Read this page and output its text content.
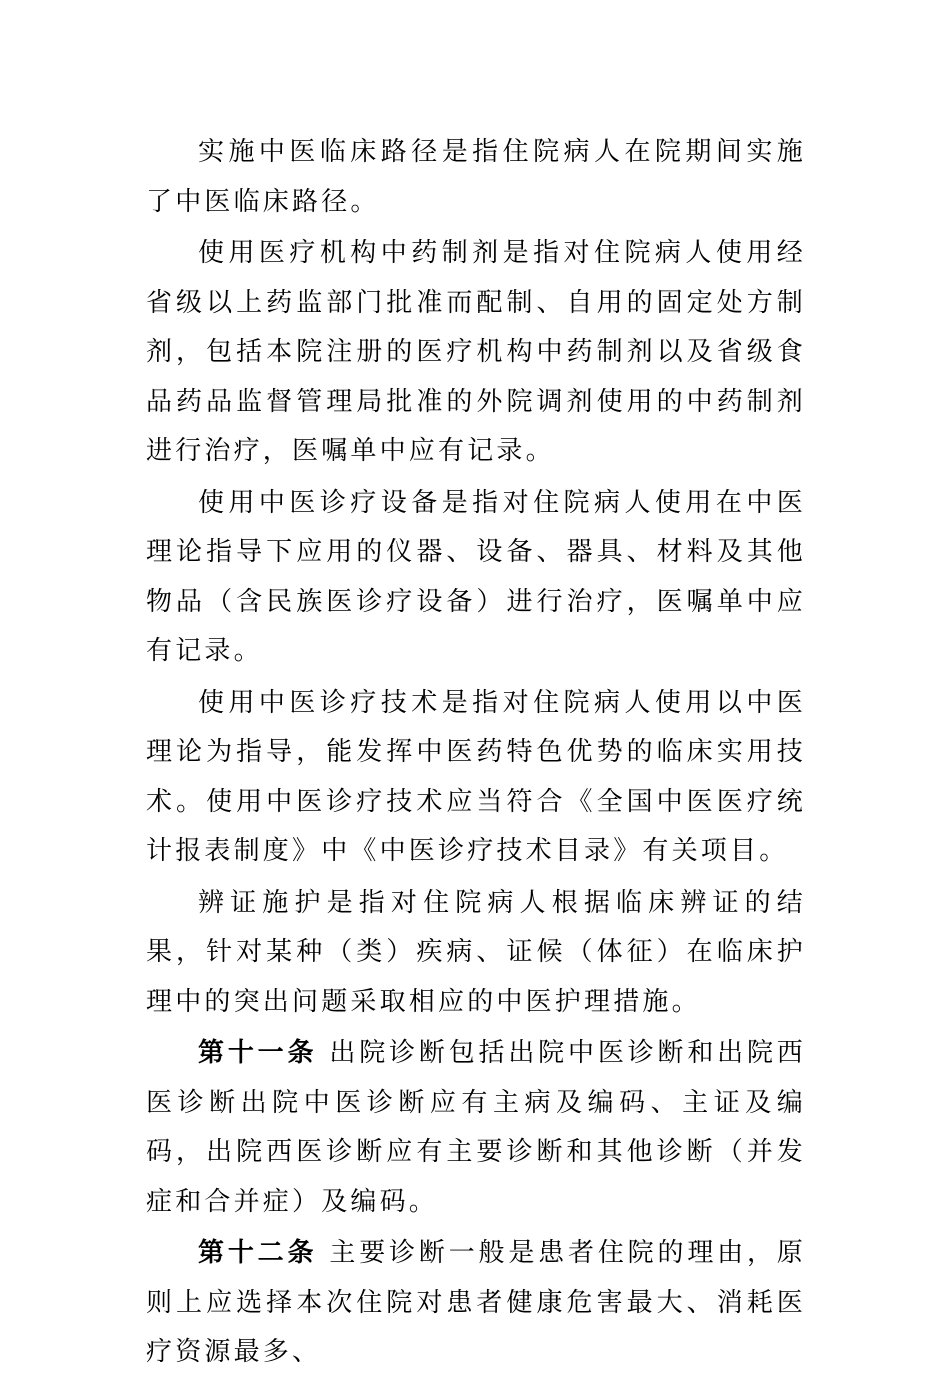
实施中医临床路径是指住院病人在院期间实施了中医临床路径。

使用医疗机构中药制剂是指对住院病人使用经省级以上药监部门批准而配制、自用的固定处方制剂，包括本院注册的医疗机构中药制剂以及省级食品药品监督管理局批准的外院调剂使用的中药制剂进行治疗，医嘱单中应有记录。

使用中医诊疗设备是指对住院病人使用在中医理论指导下应用的仪器、设备、器具、材料及其他物品（含民族医诊疗设备）进行治疗，医嘱单中应有记录。

使用中医诊疗技术是指对住院病人使用以中医理论为指导，能发挥中医药特色优势的临床实用技术。使用中医诊疗技术应当符合《全国中医医疗统计报表制度》中《中医诊疗技术目录》有关项目。

辨证施护是指对住院病人根据临床辨证的结果，针对某种（类）疾病、证候（体征）在临床护理中的突出问题采取相应的中医护理措施。

第十一条 出院诊断包括出院中医诊断和出院西医诊断出院中医诊断应有主病及编码、主证及编码，出院西医诊断应有主要诊断和其他诊断（并发症和合并症）及编码。

第十二条 主要诊断一般是患者住院的理由，原则上应选择本次住院对患者健康危害最大、消耗医疗资源最多、
